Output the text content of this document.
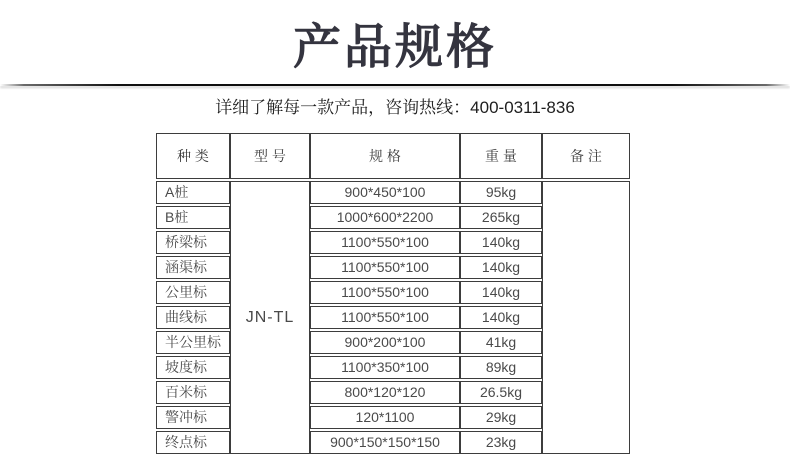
产品规格

详细了解每一款产品，咨询热线：400-0311-836

种 类	型 号	规 格	重 量	备 注
A桩	JN-TL	900*450*100	95kg	
B桩		1000*600*2200	265kg	
桥梁标		1100*550*100	140kg	
涵渠标		1100*550*100	140kg	
公里标		1100*550*100	140kg	
曲线标		1100*550*100	140kg	
半公里标		900*200*100	41kg	
坡度标		1100*350*100	89kg	
百米标		800*120*120	26.5kg	
警冲标		120*1100	29kg	
终点标		900*150*150*150	23kg	
